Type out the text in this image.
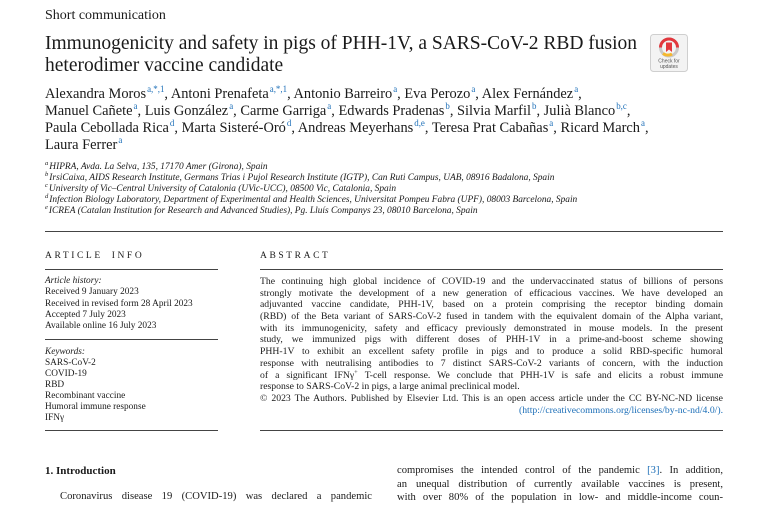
Short communication
Immunogenicity and safety in pigs of PHH-1V, a SARS-CoV-2 RBD fusion
heterodimer vaccine candidate	Check for
updates
Alexandra Moros$^{a,*,1}$, Antoni Prenafeta$^{a,*,1}$, Antonio Barreiro$^a$, Eva Perozo$^a$, Alex Fernández$^a$,
Manuel Cañete$^a$, Luis González$^a$, Carme Garriga$^a$, Edwards Pradenas$^b$, Silvia Marfil$^b$, Julià Blanco$^{b,c}$,
Paula Cebollada Rica$^d$, Marta Sisteré-Oró$^d$, Andreas Meyerhans$^{d,e}$, Teresa Prat Cabañas$^a$, Ricard March$^a$,
Laura Ferrer$^a$
$^a$HIPRA, Avda. La Selva, 135, 17170 Amer (Girona), Spain
$^b$IrsiCaixa, AIDS Research Institute, Germans Trias i Pujol Research Institute (IGTP), Can Ruti Campus, UAB, 08916 Badalona, Spain
$^c$University of Vic–Central University of Catalonia (UVic-UCC), 08500 Vic, Catalonia, Spain
$^d$Infection Biology Laboratory, Department of Experimental and Health Sciences, Universitat Pompeu Fabra (UPF), 08003 Barcelona, Spain
$^e$ICREA (Catalan Institution for Research and Advanced Studies), Pg. Lluís Companys 23, 08010 Barcelona, Spain
ARTICLE INFO	ABSTRACT
Article history:
Received 9 January 2023
Received in revised form 28 April 2023
Accepted 7 July 2023
Available online 16 July 2023
Keywords:
SARS-CoV-2
COVID-19
RBD
Recombinant vaccine
Humoral immune response
IFNγ
The continuing high global incidence of COVID-19 and the undervaccinated status of billions of persons
strongly motivate the development of a new generation of efficacious vaccines. We have developed an
adjuvanted vaccine candidate, PHH-1V, based on a protein comprising the receptor binding domain
(RBD) of the Beta variant of SARS-CoV-2 fused in tandem with the equivalent domain of the Alpha variant,
with its immunogenicity, safety and efficacy previously demonstrated in mouse models. In the present
study, we immunized pigs with different doses of PHH-1V in a prime-and-boost scheme showing
PHH-1V to exhibit an excellent safety profile in pigs and to produce a solid RBD-specific humoral
response with neutralising antibodies to 7 distinct SARS-CoV-2 variants of concern, with the induction
of a significant IFNγ+ T-cell response. We conclude that PHH-1V is safe and elicits a robust immune
response to SARS-CoV-2 in pigs, a large animal preclinical model.
© 2023 The Authors. Published by Elsevier Ltd. This is an open access article under the CC BY-NC-ND license
(http://creativecommons.org/licenses/by-nc-nd/4.0/).
1. Introduction
Coronavirus disease 19 (COVID-19) was declared a pandemic
compromises the intended control of the pandemic [3]. In addition,
an unequal distribution of currently available vaccines is present,
with over 80% of the population in low- and middle-income coun-
